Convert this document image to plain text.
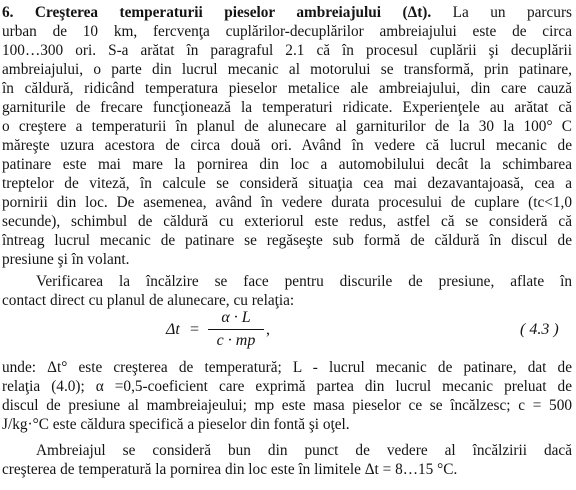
6. Creşterea temperaturii pieselor ambreiajului (Δt). La un parcurs
urban de 10 km, fercvenţa cuplărilor-decuplărilor ambreiajului este de circa
100…300 ori. S-a arătat în paragraful 2.1 că în procesul cuplării şi decuplării
ambreiajului, o parte din lucrul mecanic al motorului se transformă, prin patinare,
în căldură, ridicând temperatura pieselor metalice ale ambreiajului, din care cauză
garniturile de frecare funcţionează la temperaturi ridicate. Experienţele au arătat că
o creştere a temperaturii în planul de alunecare al garniturilor de la 30 la 100° C
măreşte uzura acestora de circa două ori. Având în vedere că lucrul mecanic de
patinare este mai mare la pornirea din loc a automobilului decât la schimbarea
treptelor de viteză, în calcule se consideră situaţia cea mai dezavantajoasă, cea a
pornirii din loc. De asemenea, având în vedere durata procesului de cuplare (tc<1,0
secunde), schimbul de căldură cu exteriorul este redus, astfel că se consideră că
întreag lucrul mecanic de patinare se regăseşte sub formă de căldură în discul de
presiune şi în volant.
Verificarea la încălzire se face pentru discurile de presiune, aflate în
contact direct cu planul de alunecare, cu relaţia:
Δt =
α · L
c · mp
,	( 4.3 )
unde: Δt° este creşterea de temperatură; L - lucrul mecanic de patinare, dat de
relaţia (4.0); α =0,5-coeficient care exprimă partea din lucrul mecanic preluat de
discul de presiune al mambreiajeului; mp este masa pieselor ce se încălzesc; c = 500
J/kg·°C este căldura specifică a pieselor din fontă şi oţel.
Ambreiajul se consideră bun din punct de vedere al încălzirii dacă
creşterea de temperatură la pornirea din loc este în limitele Δt = 8…15 °C.
